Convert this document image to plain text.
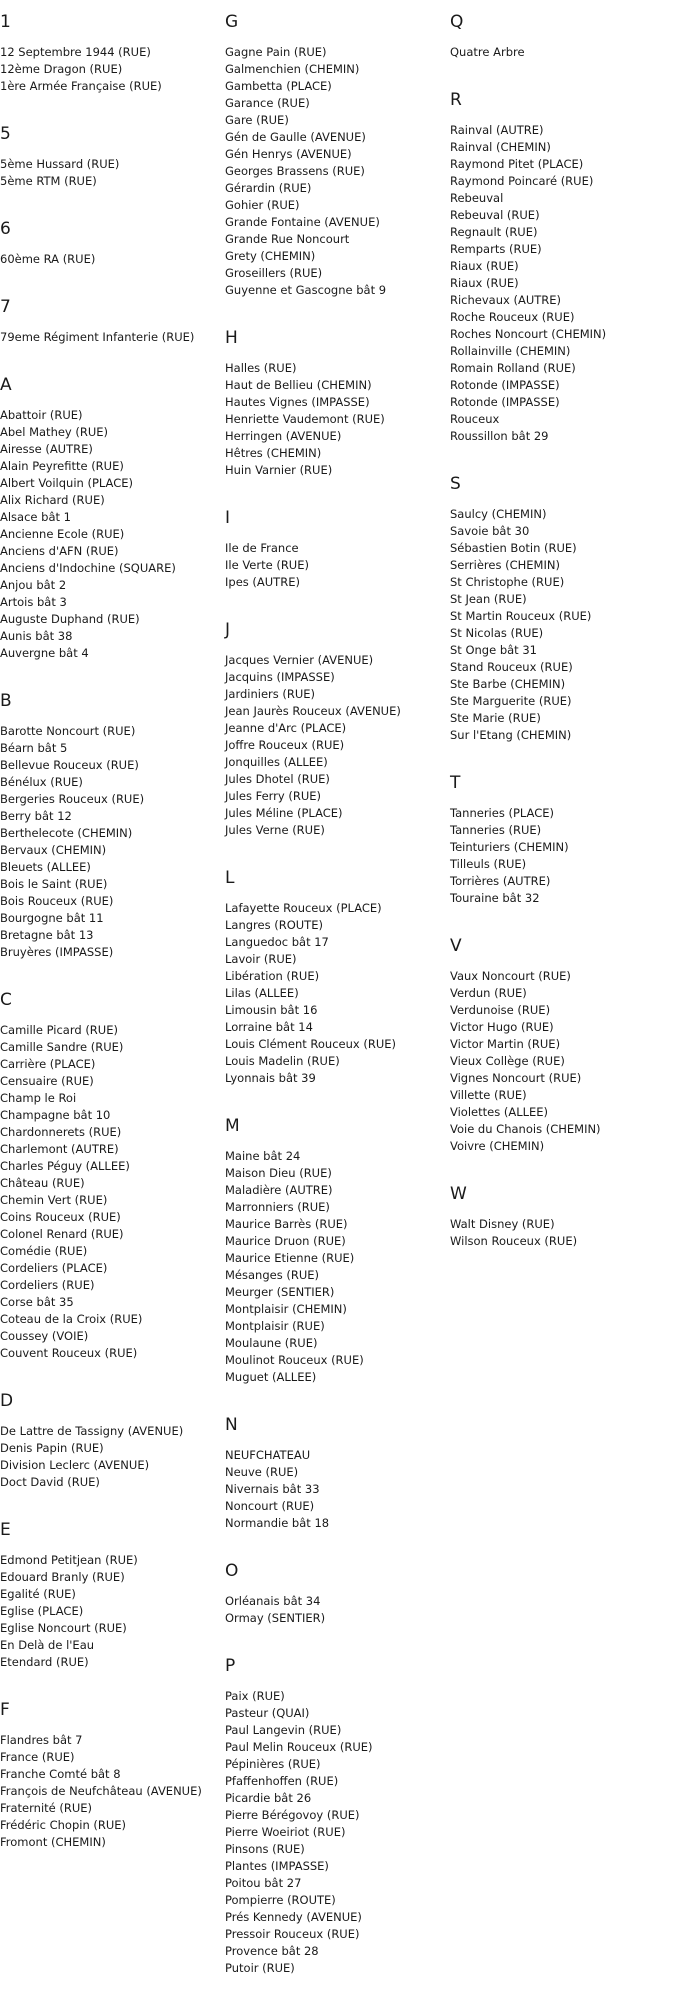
1
12 Septembre 1944 (RUE)
12ème Dragon (RUE)
1ère Armée Française (RUE)
5
5ème Hussard (RUE)
5ème RTM (RUE)
6
60ème RA (RUE)
7
79eme Régiment Infanterie (RUE)
A
Abattoir (RUE)
Abel Mathey (RUE)
Airesse (AUTRE)
Alain Peyrefitte (RUE)
Albert Voilquin (PLACE)
Alix Richard (RUE)
Alsace bât 1
Ancienne Ecole (RUE)
Anciens d'AFN (RUE)
Anciens d'Indochine (SQUARE)
Anjou bât 2
Artois bât 3
Auguste Duphand (RUE)
Aunis bât 38
Auvergne bât 4
B
Barotte Noncourt (RUE)
Béarn bât 5
Bellevue Rouceux (RUE)
Bénélux (RUE)
Bergeries Rouceux (RUE)
Berry bât 12
Berthelecote (CHEMIN)
Bervaux (CHEMIN)
Bleuets (ALLEE)
Bois le Saint (RUE)
Bois Rouceux (RUE)
Bourgogne bât 11
Bretagne bât 13
Bruyères (IMPASSE)
C
Camille Picard (RUE)
Camille Sandre (RUE)
Carrière (PLACE)
Censuaire (RUE)
Champ le Roi
Champagne bât 10
Chardonnerets (RUE)
Charlemont (AUTRE)
Charles Péguy (ALLEE)
Château (RUE)
Chemin Vert (RUE)
Coins Rouceux (RUE)
Colonel Renard (RUE)
Comédie (RUE)
Cordeliers (PLACE)
Cordeliers (RUE)
Corse bât 35
Coteau de la Croix (RUE)
Coussey (VOIE)
Couvent Rouceux (RUE)
D
De Lattre de Tassigny (AVENUE)
Denis Papin (RUE)
Division Leclerc (AVENUE)
Doct David (RUE)
E
Edmond Petitjean (RUE)
Edouard Branly (RUE)
Egalité (RUE)
Eglise (PLACE)
Eglise Noncourt (RUE)
En Delà de l'Eau
Etendard (RUE)
F
Flandres bât 7
France (RUE)
Franche Comté bât 8
François de Neufchâteau (AVENUE)
Fraternité (RUE)
Frédéric Chopin (RUE)
Fromont (CHEMIN)
G
Gagne Pain (RUE)
Galmenchien (CHEMIN)
Gambetta (PLACE)
Garance (RUE)
Gare (RUE)
Gén de Gaulle (AVENUE)
Gén Henrys (AVENUE)
Georges Brassens (RUE)
Gérardin (RUE)
Gohier (RUE)
Grande Fontaine (AVENUE)
Grande Rue Noncourt
Grety (CHEMIN)
Groseillers (RUE)
Guyenne et Gascogne bât 9
H
Halles (RUE)
Haut de Bellieu (CHEMIN)
Hautes Vignes (IMPASSE)
Henriette Vaudemont (RUE)
Herringen (AVENUE)
Hêtres (CHEMIN)
Huin Varnier (RUE)
I
Ile de France
Ile Verte (RUE)
Ipes (AUTRE)
J
Jacques Vernier (AVENUE)
Jacquins (IMPASSE)
Jardiniers (RUE)
Jean Jaurès Rouceux (AVENUE)
Jeanne d'Arc (PLACE)
Joffre Rouceux (RUE)
Jonquilles (ALLEE)
Jules Dhotel (RUE)
Jules Ferry (RUE)
Jules Méline (PLACE)
Jules Verne (RUE)
L
Lafayette Rouceux (PLACE)
Langres (ROUTE)
Languedoc bât 17
Lavoir (RUE)
Libération (RUE)
Lilas (ALLEE)
Limousin bât 16
Lorraine bât 14
Louis Clément Rouceux (RUE)
Louis Madelin (RUE)
Lyonnais bât 39
M
Maine bât 24
Maison Dieu (RUE)
Maladière (AUTRE)
Marronniers (RUE)
Maurice Barrès (RUE)
Maurice Druon (RUE)
Maurice Etienne (RUE)
Mésanges (RUE)
Meurger (SENTIER)
Montplaisir (CHEMIN)
Montplaisir (RUE)
Moulaune (RUE)
Moulinot Rouceux (RUE)
Muguet (ALLEE)
N
NEUFCHATEAU
Neuve (RUE)
Nivernais bât 33
Noncourt (RUE)
Normandie bât 18
O
Orléanais bât 34
Ormay (SENTIER)
P
Paix (RUE)
Pasteur (QUAI)
Paul Langevin (RUE)
Paul Melin Rouceux (RUE)
Pépinières (RUE)
Pfaffenhoffen (RUE)
Picardie bât 26
Pierre Bérégovoy (RUE)
Pierre Woeiriot (RUE)
Pinsons (RUE)
Plantes (IMPASSE)
Poitou bât 27
Pompierre (ROUTE)
Prés Kennedy (AVENUE)
Pressoir Rouceux (RUE)
Provence bât 28
Putoir (RUE)
Q
Quatre Arbre
R
Rainval (AUTRE)
Rainval (CHEMIN)
Raymond Pitet (PLACE)
Raymond Poincaré (RUE)
Rebeuval
Rebeuval (RUE)
Regnault (RUE)
Remparts (RUE)
Riaux (RUE)
Riaux (RUE)
Richevaux (AUTRE)
Roche Rouceux (RUE)
Roches Noncourt (CHEMIN)
Rollainville (CHEMIN)
Romain Rolland (RUE)
Rotonde (IMPASSE)
Rotonde (IMPASSE)
Rouceux
Roussillon bât 29
S
Saulcy (CHEMIN)
Savoie bât 30
Sébastien Botin (RUE)
Serrières (CHEMIN)
St Christophe (RUE)
St Jean (RUE)
St Martin Rouceux (RUE)
St Nicolas (RUE)
St Onge bât 31
Stand Rouceux (RUE)
Ste Barbe (CHEMIN)
Ste Marguerite (RUE)
Ste Marie (RUE)
Sur l'Etang (CHEMIN)
T
Tanneries (PLACE)
Tanneries (RUE)
Teinturiers (CHEMIN)
Tilleuls (RUE)
Torrières (AUTRE)
Touraine bât 32
V
Vaux Noncourt (RUE)
Verdun (RUE)
Verdunoise (RUE)
Victor Hugo (RUE)
Victor Martin (RUE)
Vieux Collège (RUE)
Vignes Noncourt (RUE)
Villette (RUE)
Violettes (ALLEE)
Voie du Chanois (CHEMIN)
Voivre (CHEMIN)
W
Walt Disney (RUE)
Wilson Rouceux (RUE)
